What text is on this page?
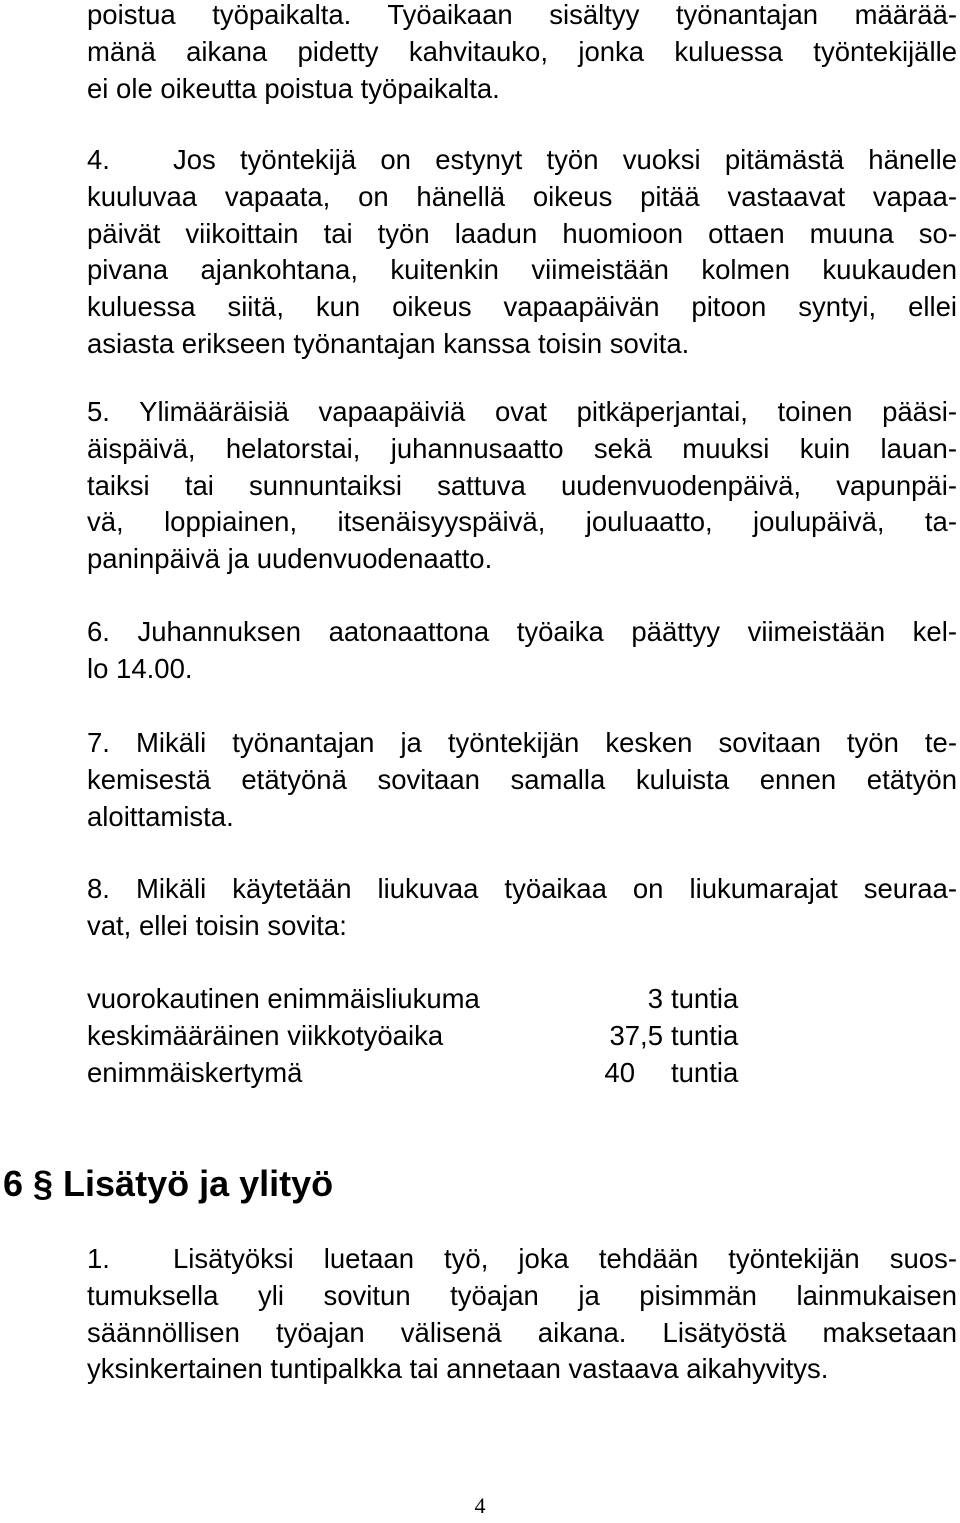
poistua työpaikalta. Työaikaan sisältyy työnantajan määrää-
mänä aikana pidetty kahvitauko, jonka kuluessa työntekijälle
ei ole oikeutta poistua työpaikalta.
4. Jos työntekijä on estynyt työn vuoksi pitämästä hänelle
kuuluvaa vapaata, on hänellä oikeus pitää vastaavat vapaa-
päivät viikoittain tai työn laadun huomioon ottaen muuna so-
pivana ajankohtana, kuitenkin viimeistään kolmen kuukauden
kuluessa siitä, kun oikeus vapaapäivän pitoon syntyi, ellei
asiasta erikseen työnantajan kanssa toisin sovita.
5. Ylimääräisiä vapaapäiviä ovat pitkäperjantai, toinen pääsi-
äispäivä, helatorstai, juhannusaatto sekä muuksi kuin lauan-
taiksi tai sunnuntaiksi sattuva uudenvuodenpäivä, vapunpäi-
vä, loppiainen, itsenäisyyspäivä, jouluaatto, joulupäivä, ta-
paninpäivä ja uudenvuodenaatto.
6. Juhannuksen aatonaattona työaika päättyy viimeistään kel-
lo 14.00.
7. Mikäli työnantajan ja työntekijän kesken sovitaan työn te-
kemisestä etätyönä sovitaan samalla kuluista ennen etätyön
aloittamista.
8. Mikäli käytetään liukuvaa työaikaa on liukumarajat seuraa-
vat, ellei toisin sovita:
vuorokautinen enimmäisliukuma	3 tuntia
keskimääräinen viikkotyöaika	37,5 tuntia
enimmäiskertymä	40 tuntia
6 § Lisätyö ja ylityö
1. Lisätyöksi luetaan työ, joka tehdään työntekijän suos-
tumuksella yli sovitun työajan ja pisimmän lainmukaisen
säännöllisen työajan välisenä aikana. Lisätyöstä maksetaan
yksinkertainen tuntipalkka tai annetaan vastaava aikahyvitys.
4
